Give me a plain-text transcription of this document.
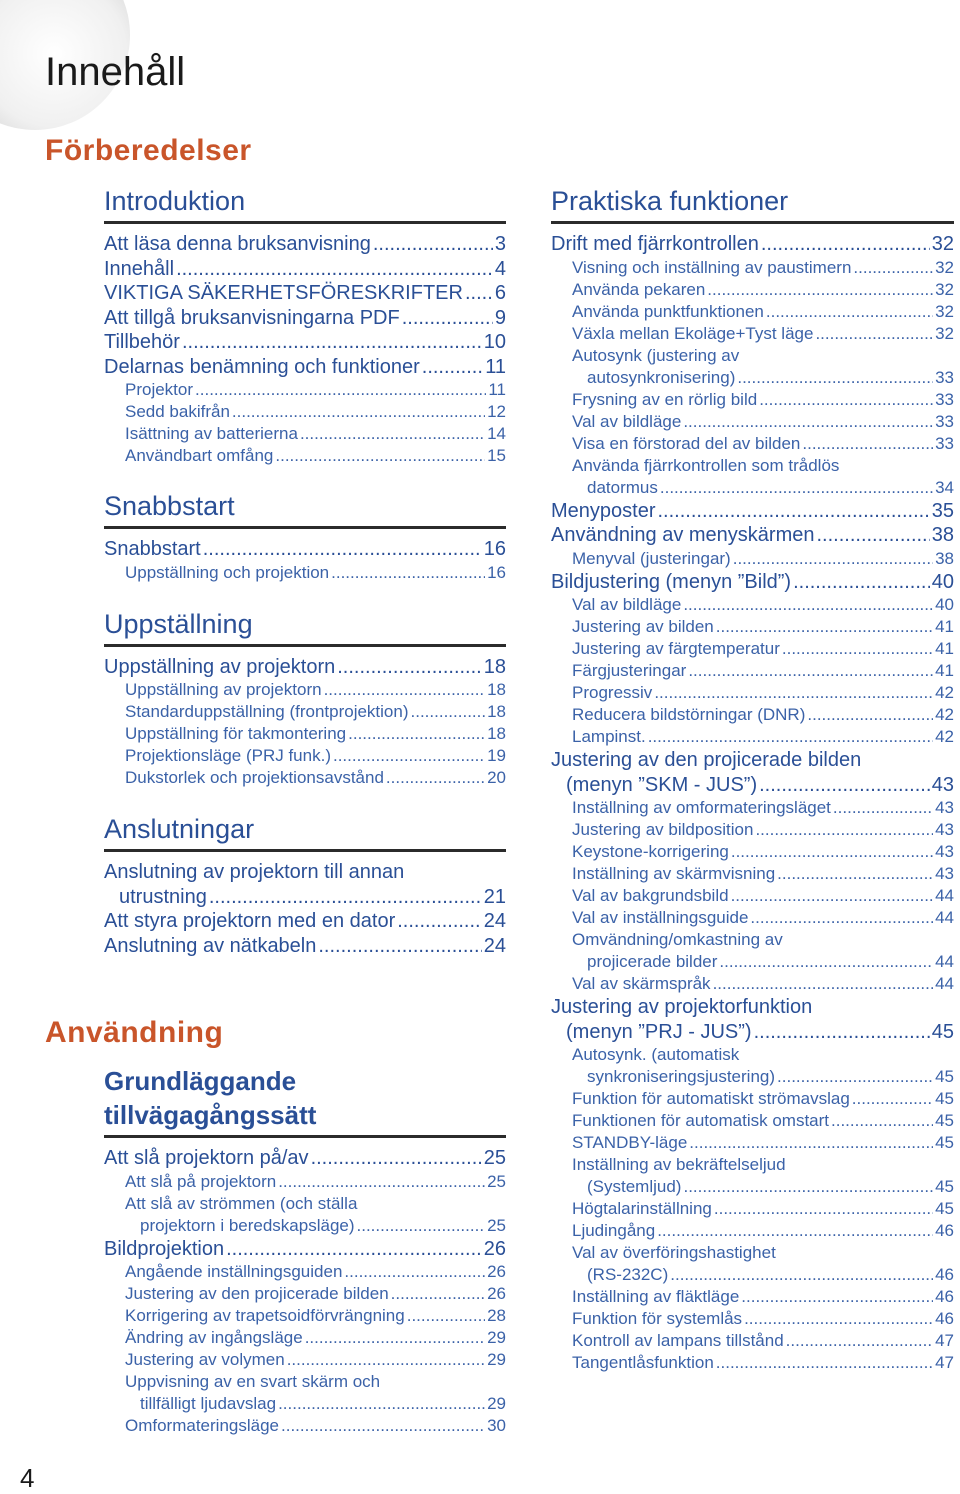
Innehåll
Förberedelser
Introduktion
Att läsa denna bruksanvisning .....	3
Innehåll .....	4
VIKTIGA SÄKERHETSFÖRESKRIFTER ..... 6
Att tillgå bruksanvisningarna PDF .....	9
Tillbehör .....	10
Delarnas benämning och funktioner .....	11
Projektor .....	11
Sedd bakifrån .....	12
Isättning av batterierna .....	14
Användbart omfång .....	15
Snabbstart
Snabbstart .....	16
Uppställning och projektion .....	16
Uppställning
Uppställning av projektorn .....	18
Uppställning av projektorn .....	18
Standarduppställning (frontprojektion) .....	18
Uppställning för takmontering .....	18
Projektionsläge (PRJ funk.) .....	19
Dukstorlek och projektionsavstånd .....	20
Anslutningar
Anslutning av projektorn till annan
utrustning .....	21
Att styra projektorn med en dator .....	24
Anslutning av nätkabeln .....	24
Användning
Grundläggande tillvägagångssätt
Att slå projektorn på/av .....	25
Att slå på projektorn .....	25
Att slå av strömmen (och ställa
projektorn i beredskapsläge) .....	25
Bildprojektion .....	26
Angående inställningsguiden .....	26
Justering av den projicerade bilden .....	26
Korrigering av trapetsoidförvrängning .....	28
Ändring av ingångsläge .....	29
Justering av volymen .....	29
Uppvisning av en svart skärm och
tillfälligt ljudavslag .....	29
Omformateringsläge .....	30
Praktiska funktioner
Drift med fjärrkontrollen .....	32
Visning och inställning av paustimern .....	32
Använda pekaren .....	32
Använda punktfunktionen .....	32
Växla mellan Ekoläge+Tyst läge .....	32
Autosynk (justering av
autosynkronisering) .....	33
Frysning av en rörlig bild .....	33
Val av bildläge .....	33
Visa en förstorad del av bilden .....	33
Använda fjärrkontrollen som trådlös
datormus .....	34
Menyposter .....	35
Användning av menyskärmen .....	38
Menyval (justeringar) .....	38
Bildjustering (menyn ”Bild”) .....	40
Val av bildläge .....	40
Justering av bilden .....	41
Justering av färgtemperatur .....	41
Färgjusteringar .....	41
Progressiv .....	42
Reducera bildstörningar (DNR) .....	42
Lampinst. .....	42
Justering av den projicerade bilden
(menyn ”SKM - JUS”) .....	43
Inställning av omformateringsläget .....	43
Justering av bildposition .....	43
Keystone-korrigering .....	43
Inställning av skärmvisning .....	43
Val av bakgrundsbild .....	44
Val av inställningsguide .....	44
Omvändning/omkastning av
projicerade bilder .....	44
Val av skärmspråk .....	44
Justering av projektorfunktion
(menyn ”PRJ - JUS”) .....	45
Autosynk. (automatisk
synkroniseringsjustering) .....	45
Funktion för automatiskt strömavslag .....	45
Funktionen för automatisk omstart .....	45
STANDBY-läge .....	45
Inställning av bekräftelseljud
(Systemljud) .....	45
Högtalarinställning .....	45
Ljudingång .....	46
Val av överföringshastighet
(RS-232C) .....	46
Inställning av fläktläge .....	46
Funktion för systemlås .....	46
Kontroll av lampans tillstånd .....	47
Tangentlåsfunktion .....	47

4
